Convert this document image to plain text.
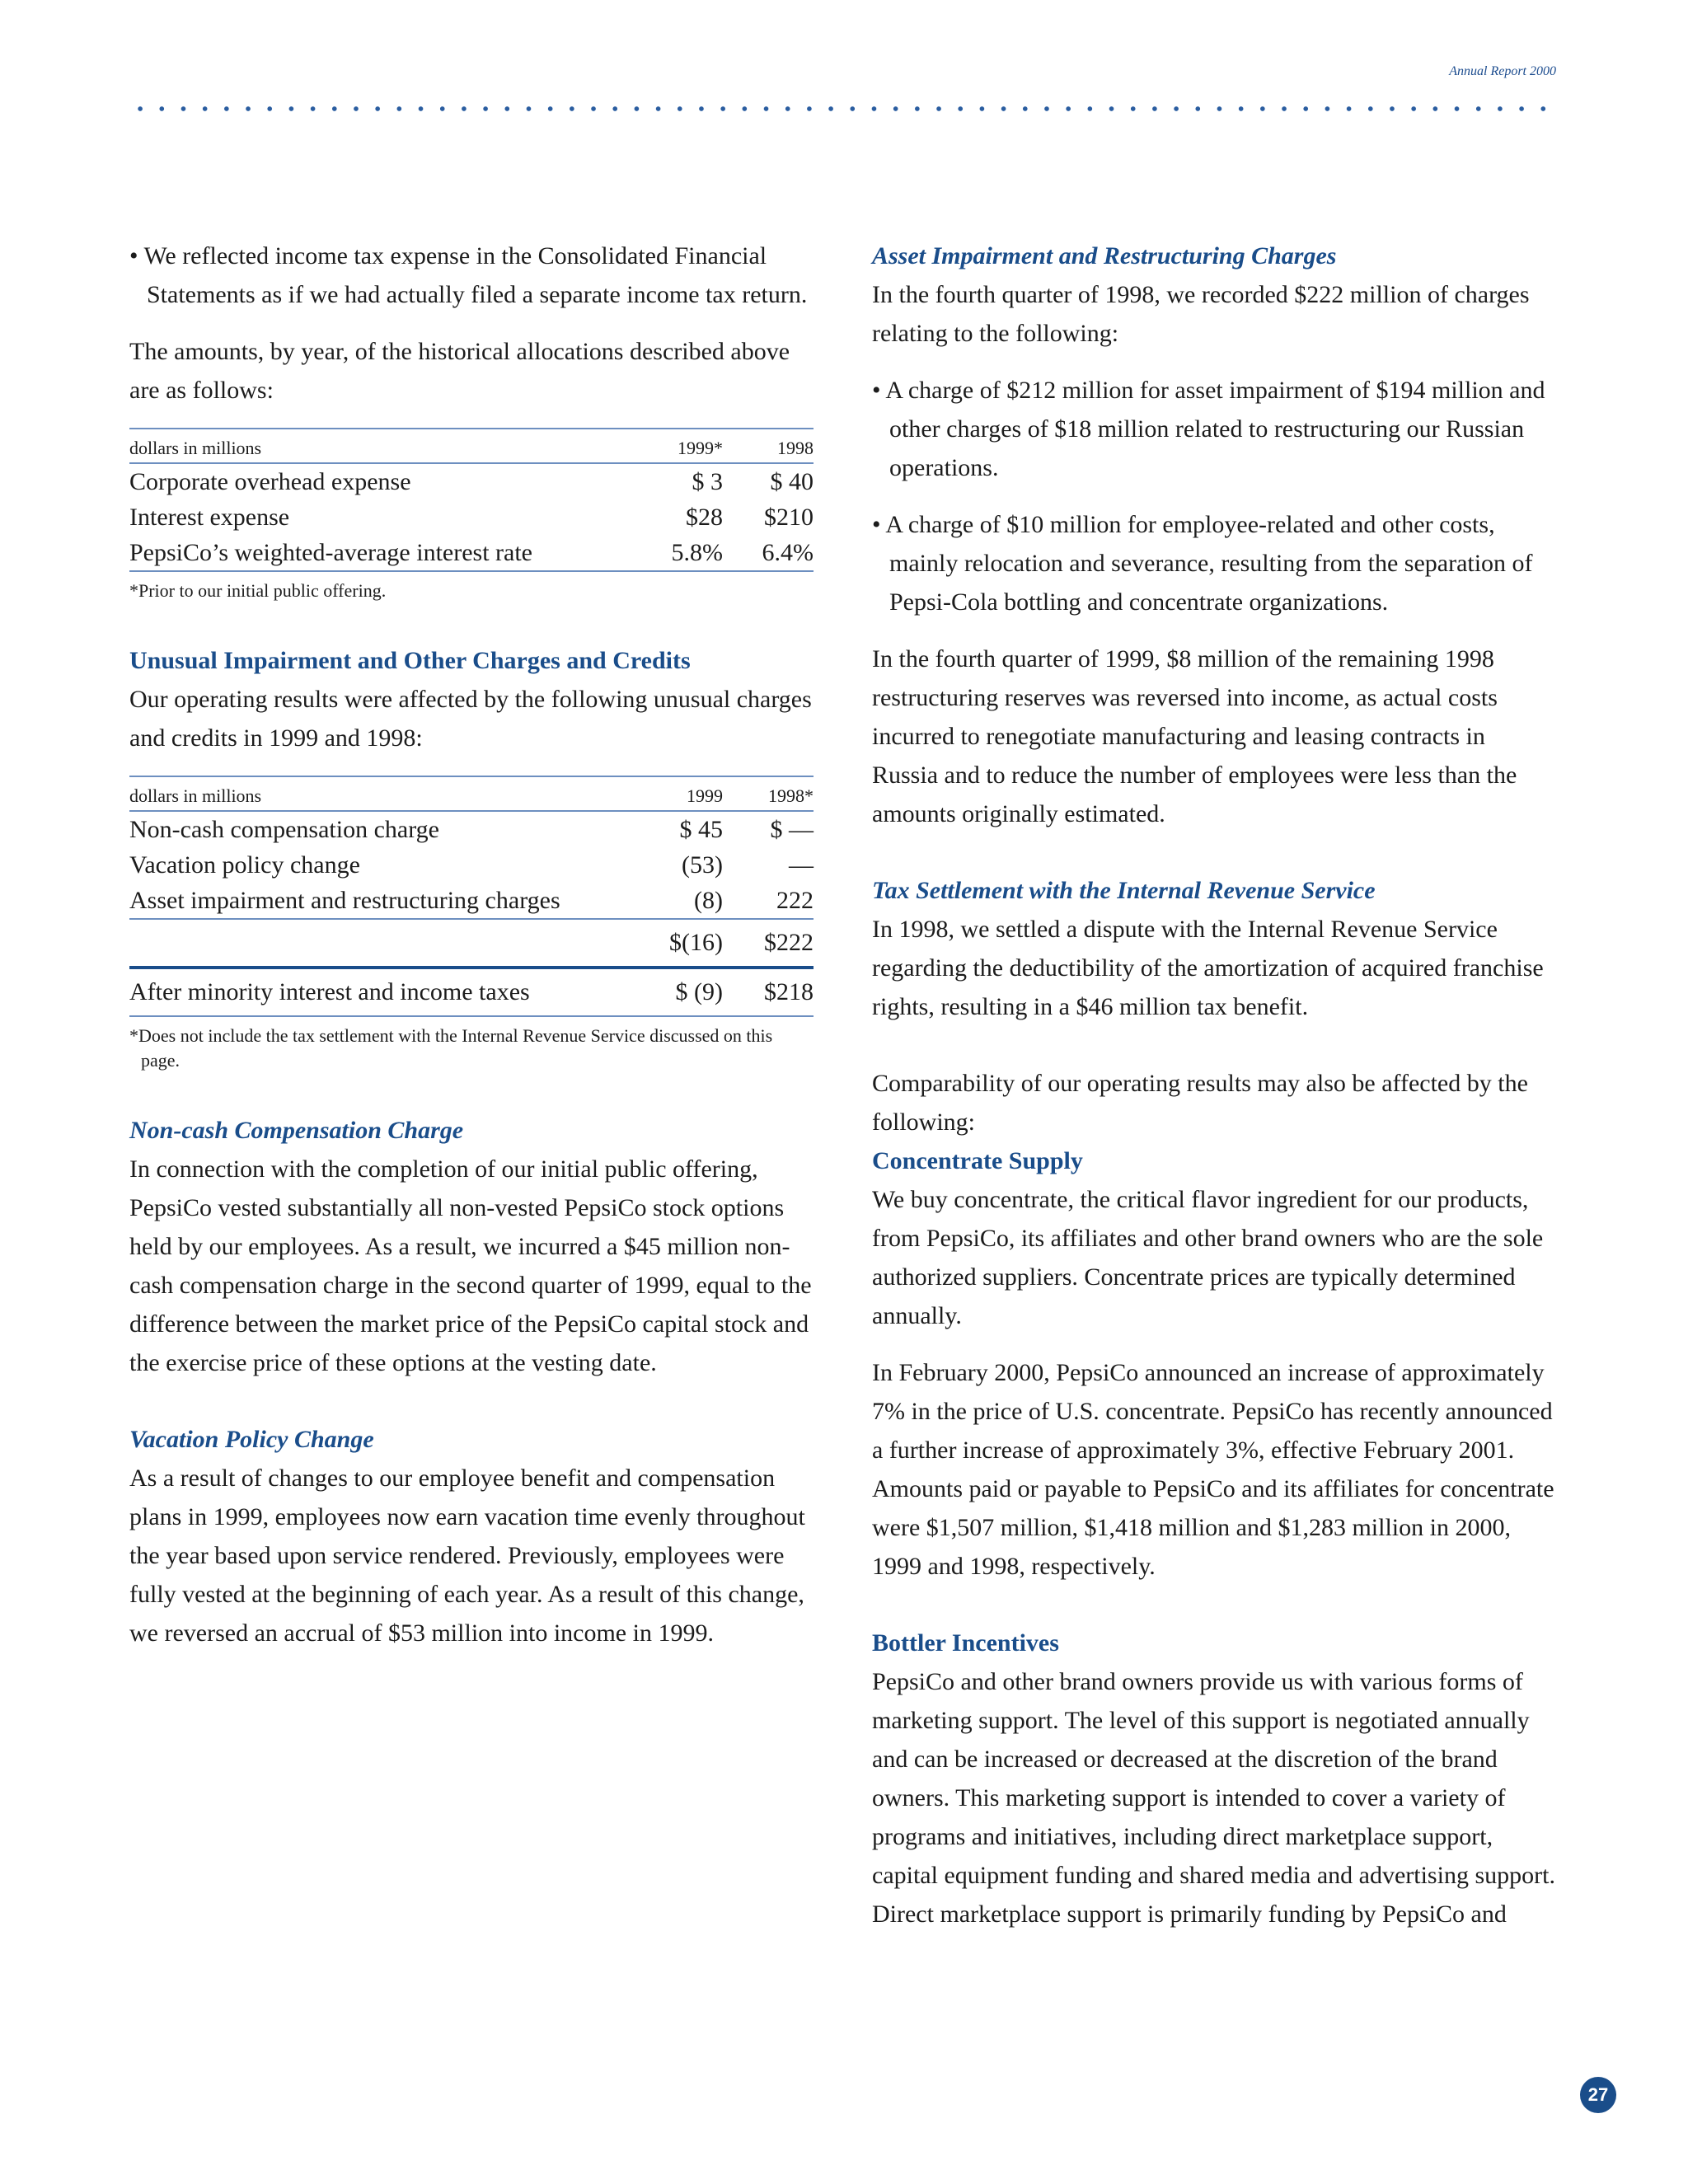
Annual Report 2000

• We reflected income tax expense in the Consolidated Financial Statements as if we had actually filed a separate income tax return.

The amounts, by year, of the historical allocations described above are as follows:

dollars in millions	1999*	1998
Corporate overhead expense	$ 3	$ 40
Interest expense	$28	$210
PepsiCo’s weighted-average interest rate	5.8%	6.4%

*Prior to our initial public offering.

Unusual Impairment and Other Charges and Credits

Our operating results were affected by the following unusual charges and credits in 1999 and 1998:

dollars in millions	1999	1998*
Non-cash compensation charge	$ 45	$ —
Vacation policy change	(53)	—
Asset impairment and restructuring charges	(8)	222
	$(16)	$222
After minority interest and income taxes	$ (9)	$218

*Does not include the tax settlement with the Internal Revenue Service discussed on this page.

Non-cash Compensation Charge

In connection with the completion of our initial public offering, PepsiCo vested substantially all non-vested PepsiCo stock options held by our employees. As a result, we incurred a $45 million non-cash compensation charge in the second quarter of 1999, equal to the difference between the market price of the PepsiCo capital stock and the exercise price of these options at the vesting date.

Vacation Policy Change

As a result of changes to our employee benefit and compensation plans in 1999, employees now earn vacation time evenly throughout the year based upon service rendered. Previously, employees were fully vested at the beginning of each year. As a result of this change, we reversed an accrual of $53 million into income in 1999.

Asset Impairment and Restructuring Charges

In the fourth quarter of 1998, we recorded $222 million of charges relating to the following:

• A charge of $212 million for asset impairment of $194 million and other charges of $18 million related to restructuring our Russian operations.

• A charge of $10 million for employee-related and other costs, mainly relocation and severance, resulting from the separation of Pepsi-Cola bottling and concentrate organizations.

In the fourth quarter of 1999, $8 million of the remaining 1998 restructuring reserves was reversed into income, as actual costs incurred to renegotiate manufacturing and leasing contracts in Russia and to reduce the number of employees were less than the amounts originally estimated.

Tax Settlement with the Internal Revenue Service

In 1998, we settled a dispute with the Internal Revenue Service regarding the deductibility of the amortization of acquired franchise rights, resulting in a $46 million tax benefit.

Comparability of our operating results may also be affected by the following:

Concentrate Supply

We buy concentrate, the critical flavor ingredient for our products, from PepsiCo, its affiliates and other brand owners who are the sole authorized suppliers. Concentrate prices are typically determined annually.

In February 2000, PepsiCo announced an increase of approximately 7% in the price of U.S. concentrate. PepsiCo has recently announced a further increase of approximately 3%, effective February 2001. Amounts paid or payable to PepsiCo and its affiliates for concentrate were $1,507 million, $1,418 million and $1,283 million in 2000, 1999 and 1998, respectively.

Bottler Incentives

PepsiCo and other brand owners provide us with various forms of marketing support. The level of this support is negotiated annually and can be increased or decreased at the discretion of the brand owners. This marketing support is intended to cover a variety of programs and initiatives, including direct marketplace support, capital equipment funding and shared media and advertising support. Direct marketplace support is primarily funding by PepsiCo and

27
